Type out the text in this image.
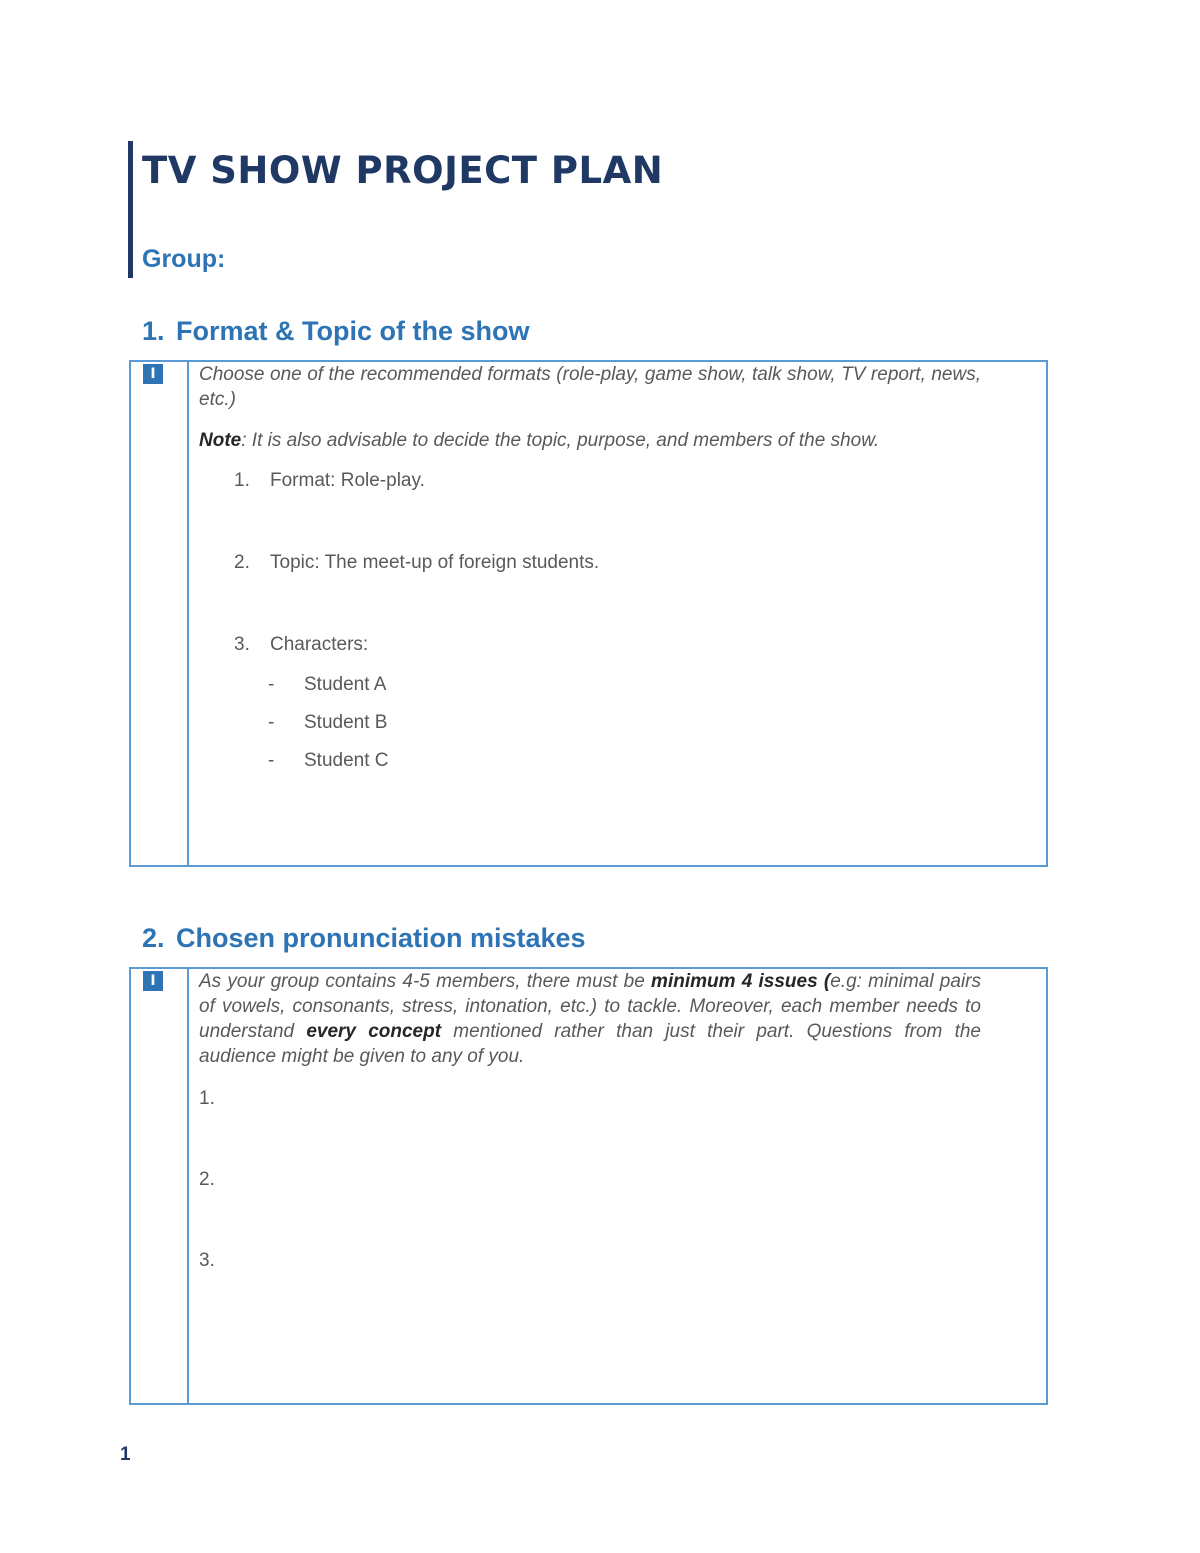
TV SHOW PROJECT PLAN
Group:
1. Format & Topic of the show
I	Choose one of the recommended formats (role-play, game show, talk show, TV report, news, etc.)

Note: It is also advisable to decide the topic, purpose, and members of the show.

1. Format: Role-play.
2. Topic: The meet-up of foreign students.
3. Characters:
- Student A
- Student B
- Student C
2. Chosen pronunciation mistakes
I	As your group contains 4-5 members, there must be minimum 4 issues (e.g: minimal pairs of vowels, consonants, stress, intonation, etc.) to tackle. Moreover, each member needs to understand every concept mentioned rather than just their part. Questions from the audience might be given to any of you.

1.
2.
3.
1
